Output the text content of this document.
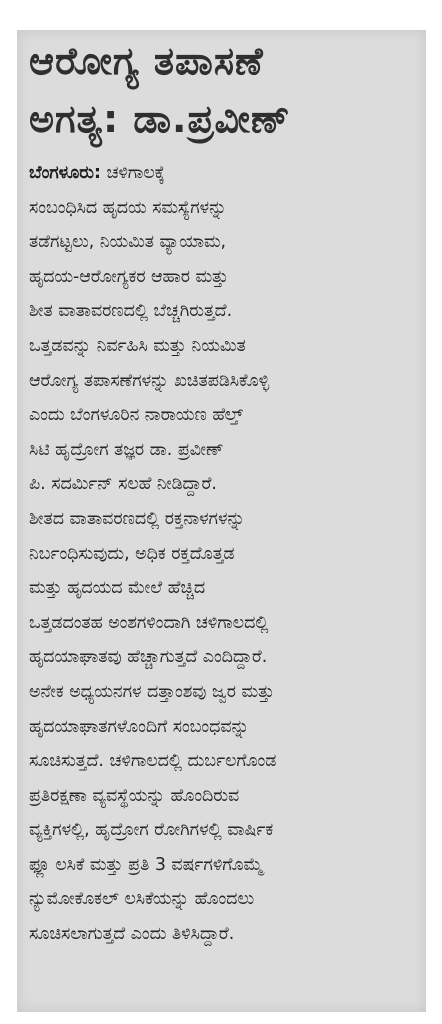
ಆರೋಗ್ಯ ತಪಾಸಣೆ
ಅಗತ್ಯ: ಡಾ.ಪ್ರವೀಣ್
ಬೆಂಗಳೂರು: ಚಳಿಗಾಲಕ್ಕೆ
ಸಂಬಂಧಿಸಿದ ಹೃದಯ ಸಮಸ್ಯೆಗಳನ್ನು
ತಡೆಗಟ್ಟಲು, ನಿಯಮಿತ ವ್ಯಾಯಾಮ,
ಹೃದಯ-ಆರೋಗ್ಯಕರ ಆಹಾರ ಮತ್ತು
ಶೀತ ವಾತಾವರಣದಲ್ಲಿ ಬೆಚ್ಚಗಿರುತ್ತದೆ.
ಒತ್ತಡವನ್ನು ನಿರ್ವಹಿಸಿ ಮತ್ತು ನಿಯಮಿತ
ಆರೋಗ್ಯ ತಪಾಸಣೆಗಳನ್ನು ಖಚಿತಪಡಿಸಿಕೊಳ್ಳಿ
ಎಂದು ಬೆಂಗಳೂರಿನ ನಾರಾಯಣ ಹೆಲ್ತ್
ಸಿಟಿ ಹೃದ್ರೋಗ ತಜ್ಞರ ಡಾ. ಪ್ರವೀಣ್
ಪಿ. ಸದರ್ಮಿನ್ ಸಲಹೆ ನೀಡಿದ್ದಾರೆ.
ಶೀತದ ವಾತಾವರಣದಲ್ಲಿ ರಕ್ತನಾಳಗಳನ್ನು
ನಿರ್ಬಂಧಿಸುವುದು, ಅಧಿಕ ರಕ್ತದೊತ್ತಡ
ಮತ್ತು ಹೃದಯದ ಮೇಲೆ ಹೆಚ್ಚಿದ
ಒತ್ತಡದಂತಹ ಅಂಶಗಳಿಂದಾಗಿ ಚಳಿಗಾಲದಲ್ಲಿ
ಹೃದಯಾಘಾತವು ಹೆಚ್ಚಾಗುತ್ತದೆ ಎಂದಿದ್ದಾರೆ.
ಅನೇಕ ಅಧ್ಯಯನಗಳ ದತ್ತಾಂಶವು ಜ್ವರ ಮತ್ತು
ಹೃದಯಾಘಾತಗಳೊಂದಿಗೆ ಸಂಬಂಧವನ್ನು
ಸೂಚಿಸುತ್ತದೆ. ಚಳಿಗಾಲದಲ್ಲಿ ದುರ್ಬಲಗೊಂಡ
ಪ್ರತಿರಕ್ಷಣಾ ವ್ಯವಸ್ಥೆಯನ್ನು ಹೊಂದಿರುವ
ವ್ಯಕ್ತಿಗಳಲ್ಲಿ, ಹೃದ್ರೋಗ ರೋಗಿಗಳಲ್ಲಿ ವಾರ್ಷಿಕ
ಫ್ಲೂ ಲಸಿಕೆ ಮತ್ತು ಪ್ರತಿ 3 ವರ್ಷಗಳಿಗೊಮ್ಮೆ
ನ್ಯುಮೋಕೊಕಲ್ ಲಸಿಕೆಯನ್ನು ಹೊಂದಲು
ಸೂಚಿಸಲಾಗುತ್ತದೆ ಎಂದು ತಿಳಿಸಿದ್ದಾರೆ.
